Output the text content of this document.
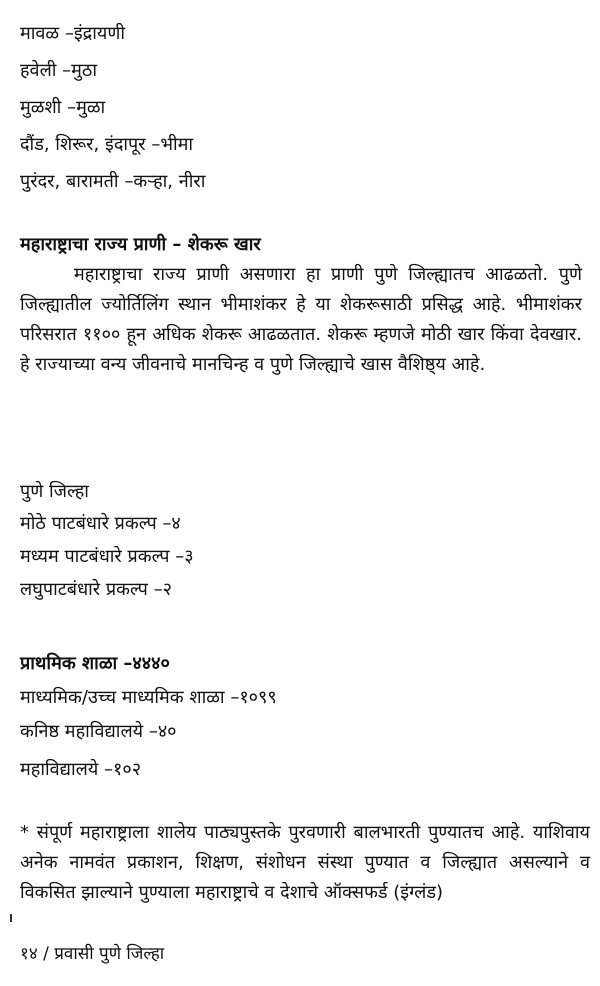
मावळ –इंद्रायणी
हवेली –मुठा
मुळशी –मुळा
दौंड, शिरूर, इंदापूर –भीमा
पुरंदर, बारामती –कऱ्हा, नीरा
महाराष्ट्राचा राज्य प्राणी – शेकरू खार
महाराष्ट्राचा राज्य प्राणी असणारा हा प्राणी पुणे जिल्ह्यातच आढळतो. पुणे जिल्ह्यातील ज्योर्तिलिंग स्थान भीमाशंकर हे या शेकरूसाठी प्रसिद्ध आहे. भीमाशंकर परिसरात ११०० हून अधिक शेकरू आढळतात. शेकरू म्हणजे मोठी खार किंवा देवखार. हे राज्याच्या वन्य जीवनाचे मानचिन्ह व पुणे जिल्ह्याचे खास वैशिष्ठ्य आहे.
पुणे जिल्हा
मोठे पाटबंधारे प्रकल्प –४
मध्यम पाटबंधारे प्रकल्प –३
लघुपाटबंधारे प्रकल्प –२
प्राथमिक शाळा –४४४०
माध्यमिक/उच्च माध्यमिक शाळा –१०९९
कनिष्ठ महाविद्यालये –४०
महाविद्यालये –१०२
* संपूर्ण महाराष्ट्राला शालेय पाठ्यपुस्तके पुरवणारी बालभारती पुण्यातच आहे. याशिवाय अनेक नामवंत प्रकाशन, शिक्षण, संशोधन संस्था पुण्यात व जिल्ह्यात असल्याने व विकसित झाल्याने पुण्याला महाराष्ट्राचे व देशाचे ऑक्सफर्ड (इंग्लंड)
१४ / प्रवासी पुणे जिल्हा
